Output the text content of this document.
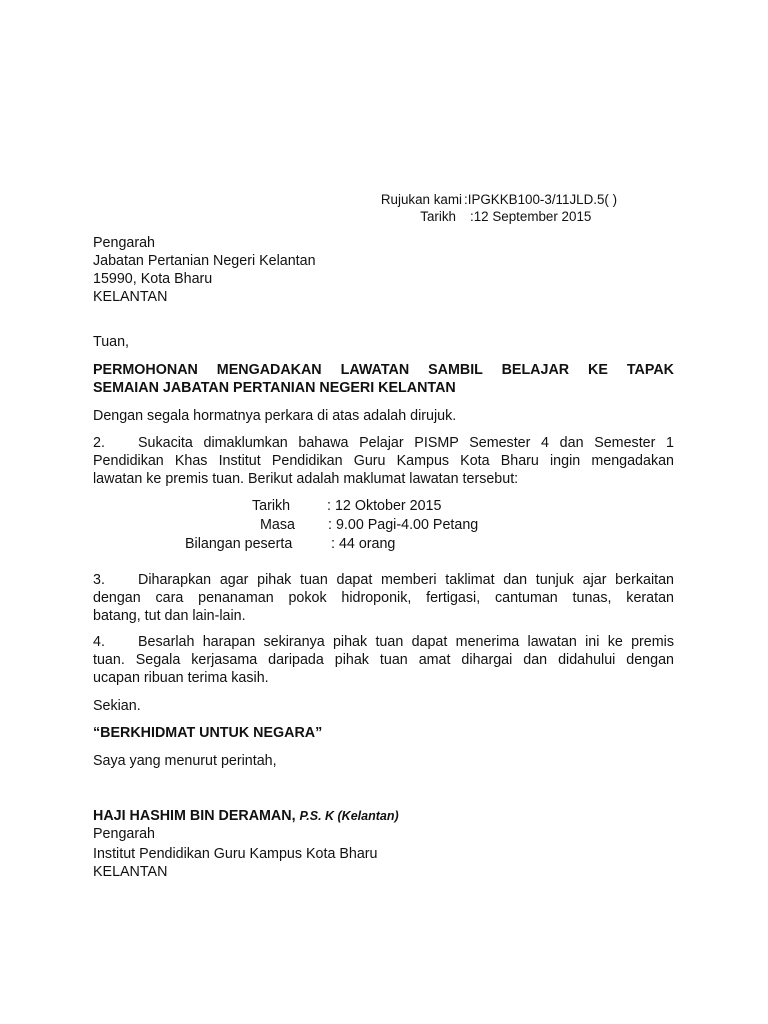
Rujukan kami :IPGKKB100-3/11JLD.5( )
Tarikh :12 September 2015
Pengarah
Jabatan Pertanian Negeri Kelantan
15990, Kota Bharu
KELANTAN
Tuan,
PERMOHONAN MENGADAKAN LAWATAN SAMBIL BELAJAR KE TAPAK
SEMAIAN JABATAN PERTANIAN NEGERI KELANTAN
Dengan segala hormatnya perkara di atas adalah dirujuk.
2. Sukacita dimaklumkan bahawa Pelajar PISMP Semester 4 dan Semester 1
Pendidikan Khas Institut Pendidikan Guru Kampus Kota Bharu ingin mengadakan
lawatan ke premis tuan. Berikut adalah maklumat lawatan tersebut:
Tarikh	: 12 Oktober 2015
Masa : 9.00 Pagi-4.00 Petang
Bilangan peserta	: 44 orang
3. Diharapkan agar pihak tuan dapat memberi taklimat dan tunjuk ajar berkaitan
dengan cara penanaman pokok hidroponik, fertigasi, cantuman tunas, keratan
batang, tut dan lain-lain.
4. Besarlah harapan sekiranya pihak tuan dapat menerima lawatan ini ke premis
tuan. Segala kerjasama daripada pihak tuan amat dihargai dan didahului dengan
ucapan ribuan terima kasih.
Sekian.
“BERKHIDMAT UNTUK NEGARA”
Saya yang menurut perintah,
HAJI HASHIM BIN DERAMAN, P.S. K (Kelantan)
Pengarah
Institut Pendidikan Guru Kampus Kota Bharu
KELANTAN
